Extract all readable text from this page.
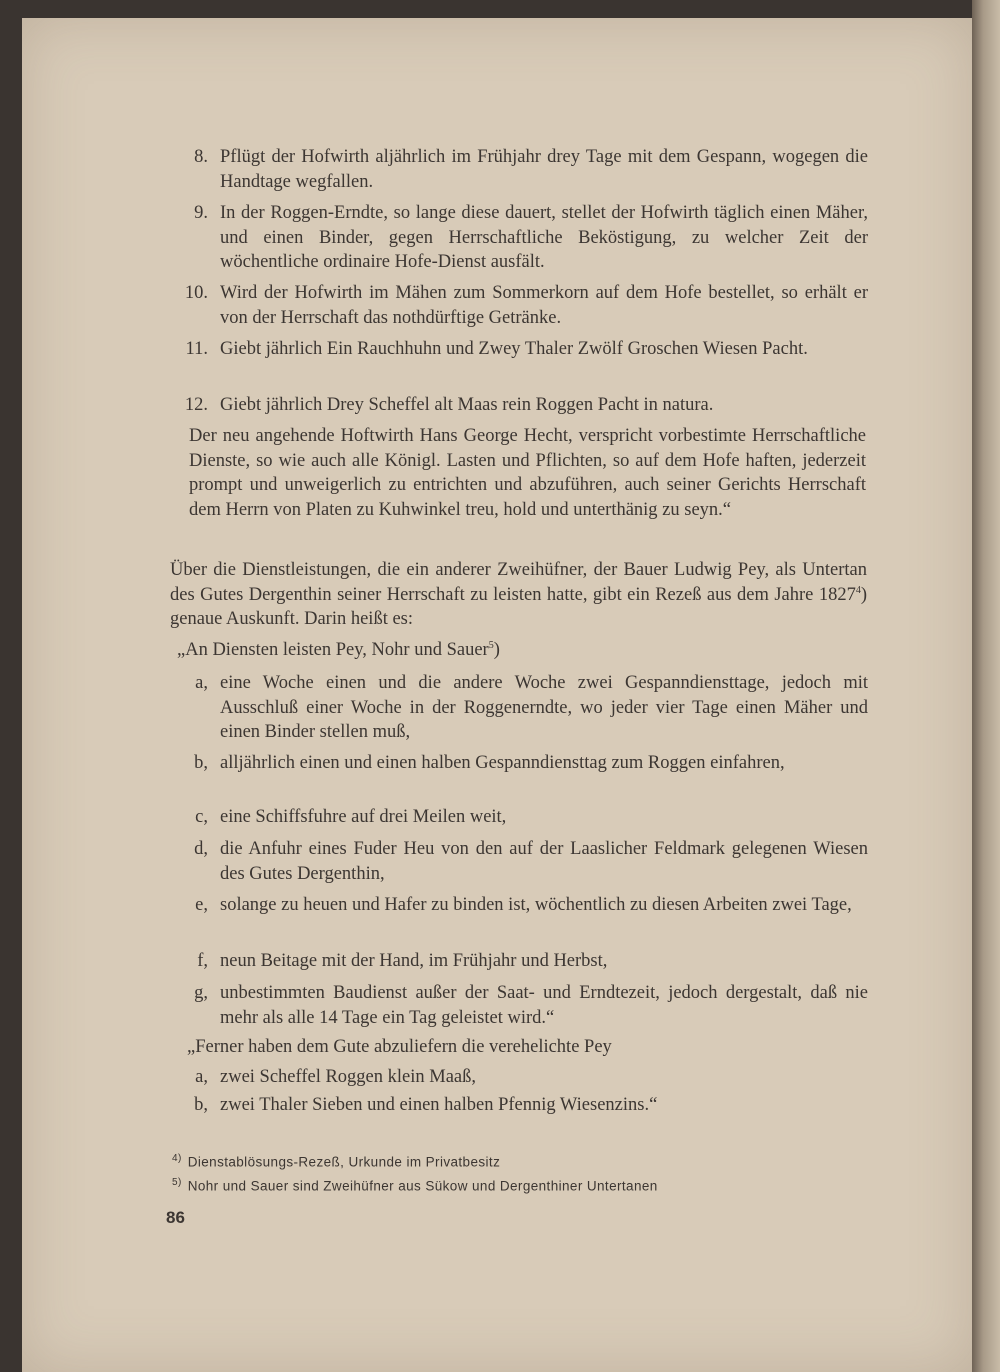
8. Pflügt der Hofwirth aljährlich im Frühjahr drey Tage mit dem Gespann, wogegen die Handtage wegfallen.
9. In der Roggen-Erndte, so lange diese dauert, stellet der Hofwirth täglich einen Mäher, und einen Binder, gegen Herrschaftliche Beköstigung, zu welcher Zeit der wöchentliche ordinaire Hofe-Dienst ausfält.
10. Wird der Hofwirth im Mähen zum Sommerkorn auf dem Hofe bestellet, so erhält er von der Herrschaft das nothdürftige Getränke.
11. Giebt jährlich Ein Rauchhuhn und Zwey Thaler Zwölf Groschen Wiesen Pacht.
12. Giebt jährlich Drey Scheffel alt Maas rein Roggen Pacht in natura.
Der neu angehende Hoftwirth Hans George Hecht, verspricht vorbestimte Herrschaftliche Dienste, so wie auch alle Königl. Lasten und Pflichten, so auf dem Hofe haften, jederzeit prompt und unweigerlich zu entrichten und abzuführen, auch seiner Gerichts Herrschaft dem Herrn von Platen zu Kuhwinkel treu, hold und unterthänig zu seyn.“
Über die Dienstleistungen, die ein anderer Zweihüfner, der Bauer Ludwig Pey, als Untertan des Gutes Dergenthin seiner Herrschaft zu leisten hatte, gibt ein Rezeß aus dem Jahre 1827$^4$) genaue Auskunft. Darin heißt es:
„An Diensten leisten Pey, Nohr und Sauer$^5$)
a, eine Woche einen und die andere Woche zwei Gespanndiensttage, jedoch mit Ausschluß einer Woche in der Roggenerndte, wo jeder vier Tage einen Mäher und einen Binder stellen muß,
b, alljährlich einen und einen halben Gespanndiensttag zum Roggen einfahren,
c, eine Schiffsfuhre auf drei Meilen weit,
d, die Anfuhr eines Fuder Heu von den auf der Laaslicher Feldmark gelegenen Wiesen des Gutes Dergenthin,
e, solange zu heuen und Hafer zu binden ist, wöchentlich zu diesen Arbeiten zwei Tage,
f, neun Beitage mit der Hand, im Frühjahr und Herbst,
g, unbestimmten Baudienst außer der Saat- und Erndtezeit, jedoch dergestalt, daß nie mehr als alle 14 Tage ein Tag geleistet wird.“
„Ferner haben dem Gute abzuliefern die verehelichte Pey
a, zwei Scheffel Roggen klein Maaß,
b, zwei Thaler Sieben und einen halben Pfennig Wiesenzins.“
$^{4)}$ Dienstablösungs-Rezeß, Urkunde im Privatbesitz
$^{5)}$ Nohr und Sauer sind Zweihüfner aus Sükow und Dergenthiner Untertanen
86
